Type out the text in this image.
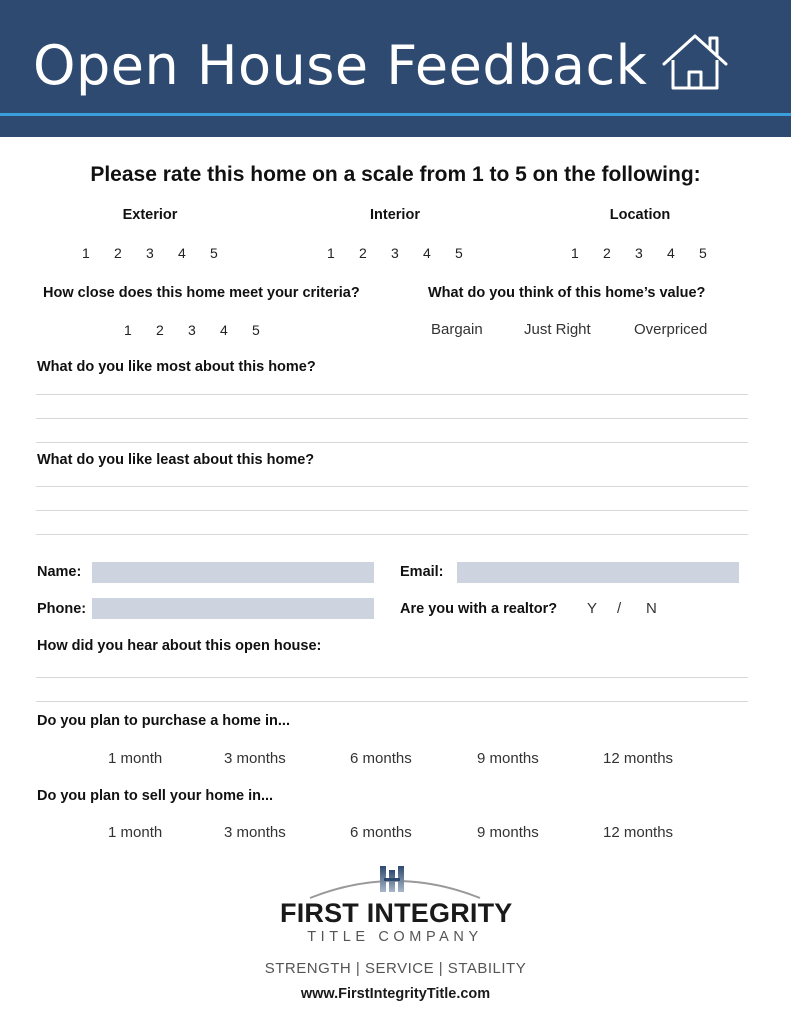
Open House Feedback
Please rate this home on a scale from 1 to 5 on the following:
Exterior	Interior	Location
1	2	3	4	5	1	2	3	4	5	1	2	3	4	5
How close does this home meet your criteria?	What do you think of this home’s value?
1	2	3	4	5	Bargain	Just Right	Overpriced
What do you like most about this home?
What do you like least about this home?
Name:	Email:
Phone:	Are you with a realtor? Y / N
How did you hear about this open house:
Do you plan to purchase a home in...
1 month	3 months	6 months	9 months	12 months
Do you plan to sell your home in...
1 month	3 months	6 months	9 months	12 months
FIRST INTEGRITY
TITLE COMPANY
STRENGTH | SERVICE | STABILITY
www.FirstIntegrityTitle.com
